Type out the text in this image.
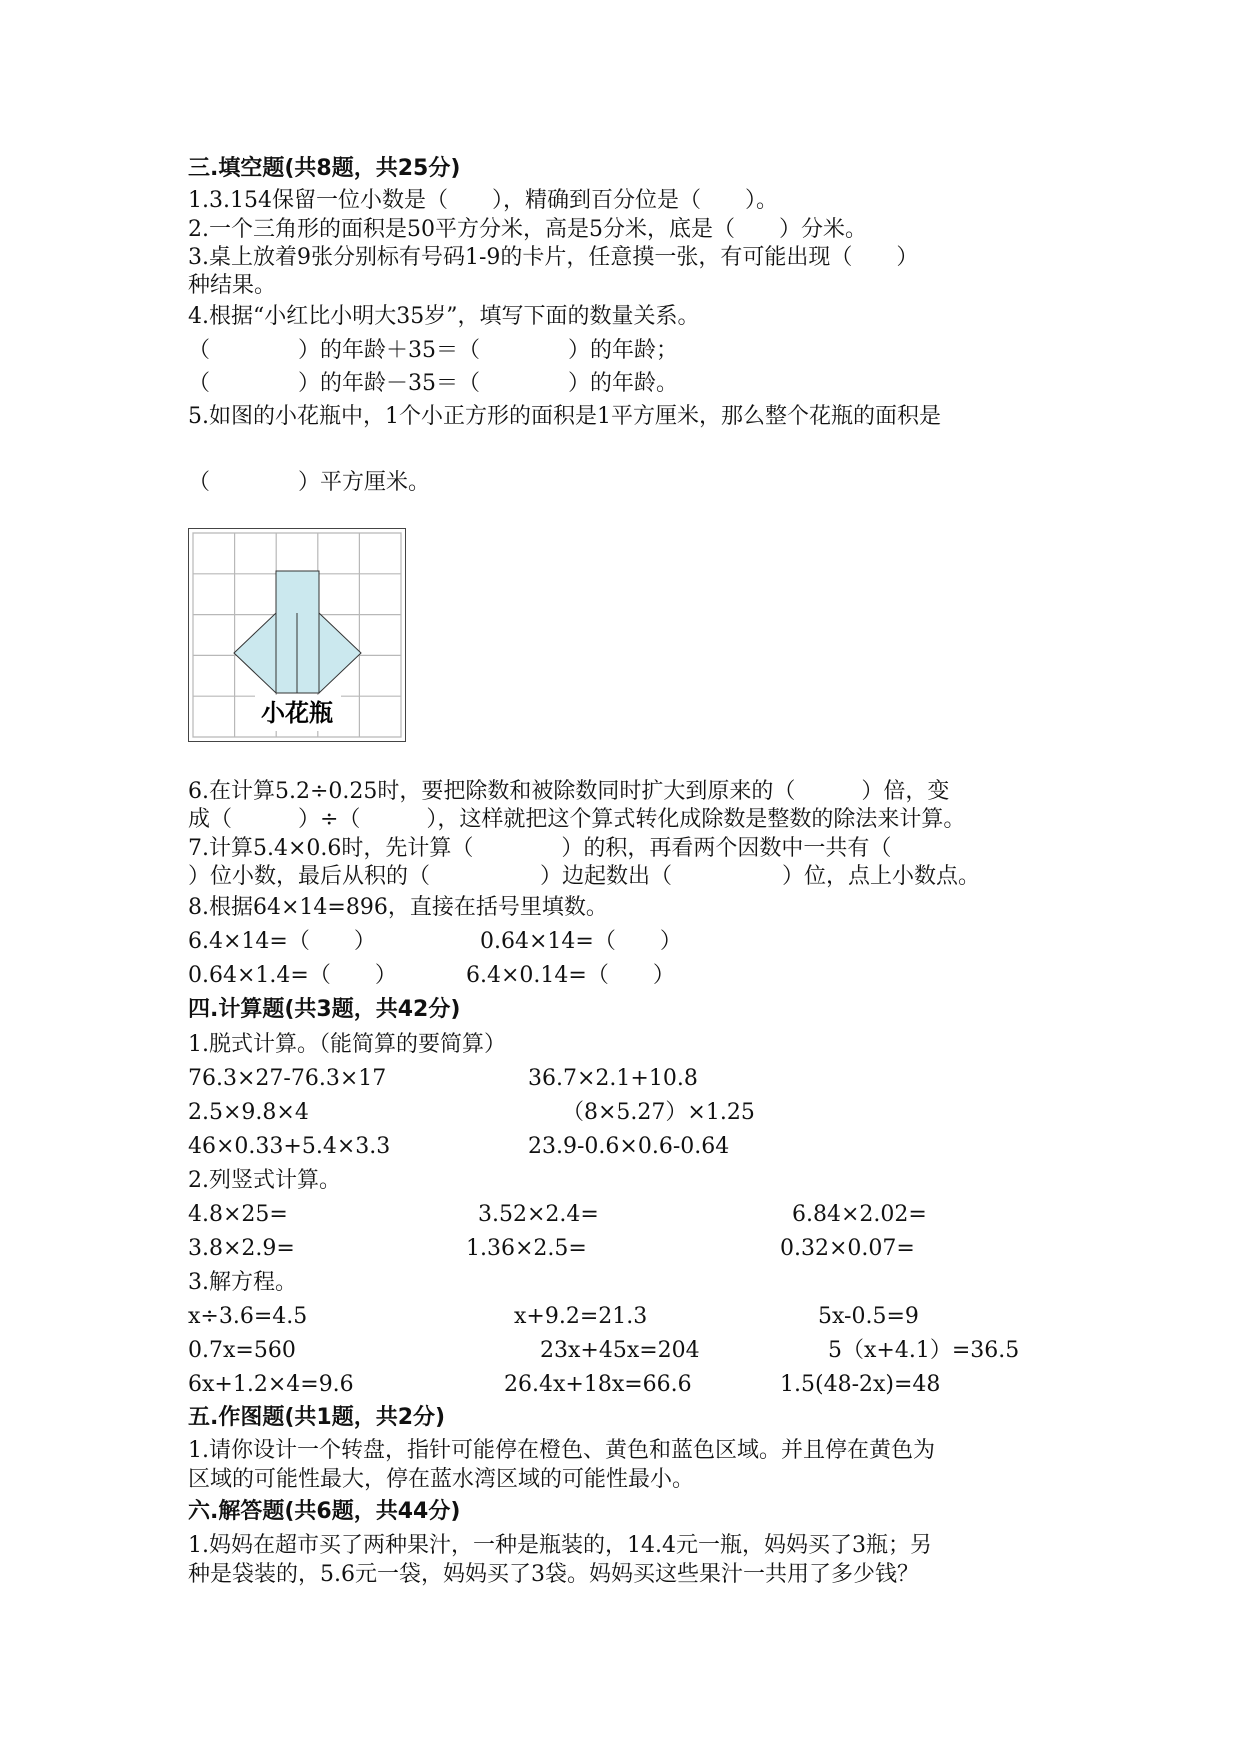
三.填空题(共8题，共25分)
1.3.154保留一位小数是（　　），精确到百分位是（　　）。
2.一个三角形的面积是50平方分米，高是5分米，底是（　　）分米。
3.桌上放着9张分别标有号码1-9的卡片，任意摸一张，有可能出现（　　）
种结果。
4.根据“小红比小明大35岁”，填写下面的数量关系。
（　　　　）的年龄＋35＝（　　　　）的年龄；
（　　　　）的年龄－35＝（　　　　）的年龄。
5.如图的小花瓶中，1个小正方形的面积是1平方厘米，那么整个花瓶的面积是
（　　　　）平方厘米。
小花瓶
6.在计算5.2÷0.25时，要把除数和被除数同时扩大到原来的（　　　）倍，变
成（　　　）÷（　　　），这样就把这个算式转化成除数是整数的除法来计算。
7.计算5.4×0.6时，先计算（　　　　）的积，再看两个因数中一共有（
）位小数，最后从积的（　　　　　）边起数出（　　　　　）位，点上小数点。
8.根据64×14=896，直接在括号里填数。
6.4×14=（　　）	0.64×14=（　　）
0.64×1.4=（　　）	6.4×0.14=（　　）
四.计算题(共3题，共42分)
1.脱式计算。（能简算的要简算）
76.3×27-76.3×17	36.7×2.1+10.8
2.5×9.8×4	（8×5.27）×1.25
46×0.33+5.4×3.3	23.9-0.6×0.6-0.64
2.列竖式计算。
4.8×25=	3.52×2.4=	6.84×2.02=
3.8×2.9=	1.36×2.5=	0.32×0.07=
3.解方程。
x÷3.6=4.5	x+9.2=21.3	5x-0.5=9
0.7x=560	23x+45x=204	5（x+4.1）=36.5
6x+1.2×4=9.6	26.4x+18x=66.6	1.5(48-2x)=48
五.作图题(共1题，共2分)
1.请你设计一个转盘，指针可能停在橙色、黄色和蓝色区域。并且停在黄色为
区域的可能性最大，停在蓝水湾区域的可能性最小。
六.解答题(共6题，共44分)
1.妈妈在超市买了两种果汁，一种是瓶装的，14.4元一瓶，妈妈买了3瓶；另
种是袋装的，5.6元一袋，妈妈买了3袋。妈妈买这些果汁一共用了多少钱？
